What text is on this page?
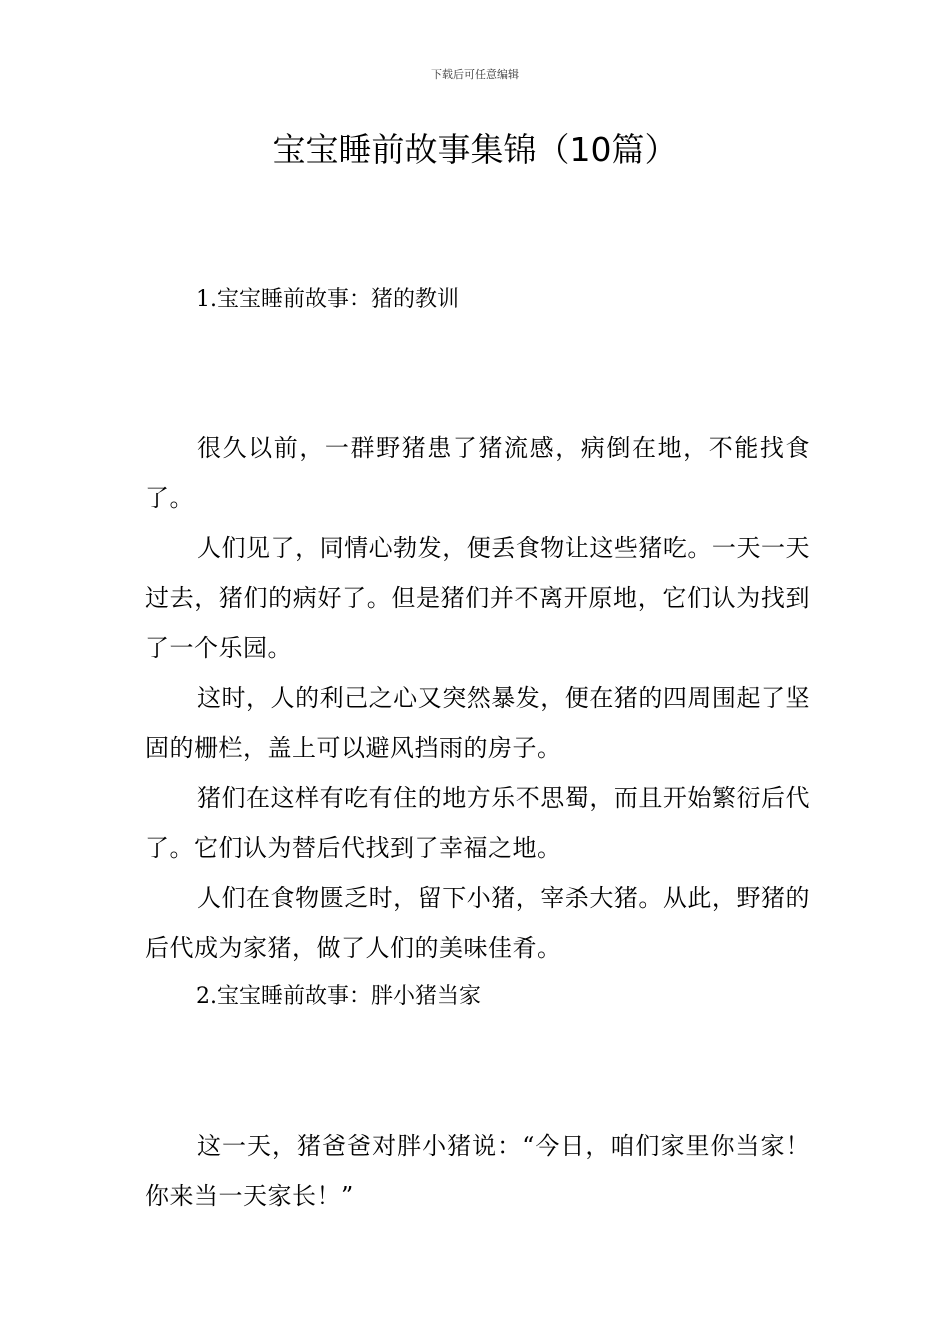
下载后可任意编辑
宝宝睡前故事集锦（10篇）
1.宝宝睡前故事：猪的教训

很久以前，一群野猪患了猪流感，病倒在地，不能找食了。

人们见了，同情心勃发，便丢食物让这些猪吃。一天一天过去，猪们的病好了。但是猪们并不离开原地，它们认为找到了一个乐园。

这时，人的利己之心又突然暴发，便在猪的四周围起了坚固的栅栏，盖上可以避风挡雨的房子。

猪们在这样有吃有住的地方乐不思蜀，而且开始繁衍后代了。它们认为替后代找到了幸福之地。

人们在食物匮乏时，留下小猪，宰杀大猪。从此，野猪的后代成为家猪，做了人们的美味佳肴。

2.宝宝睡前故事：胖小猪当家

这一天，猪爸爸对胖小猪说：“今日，咱们家里你当家！你来当一天家长！”
